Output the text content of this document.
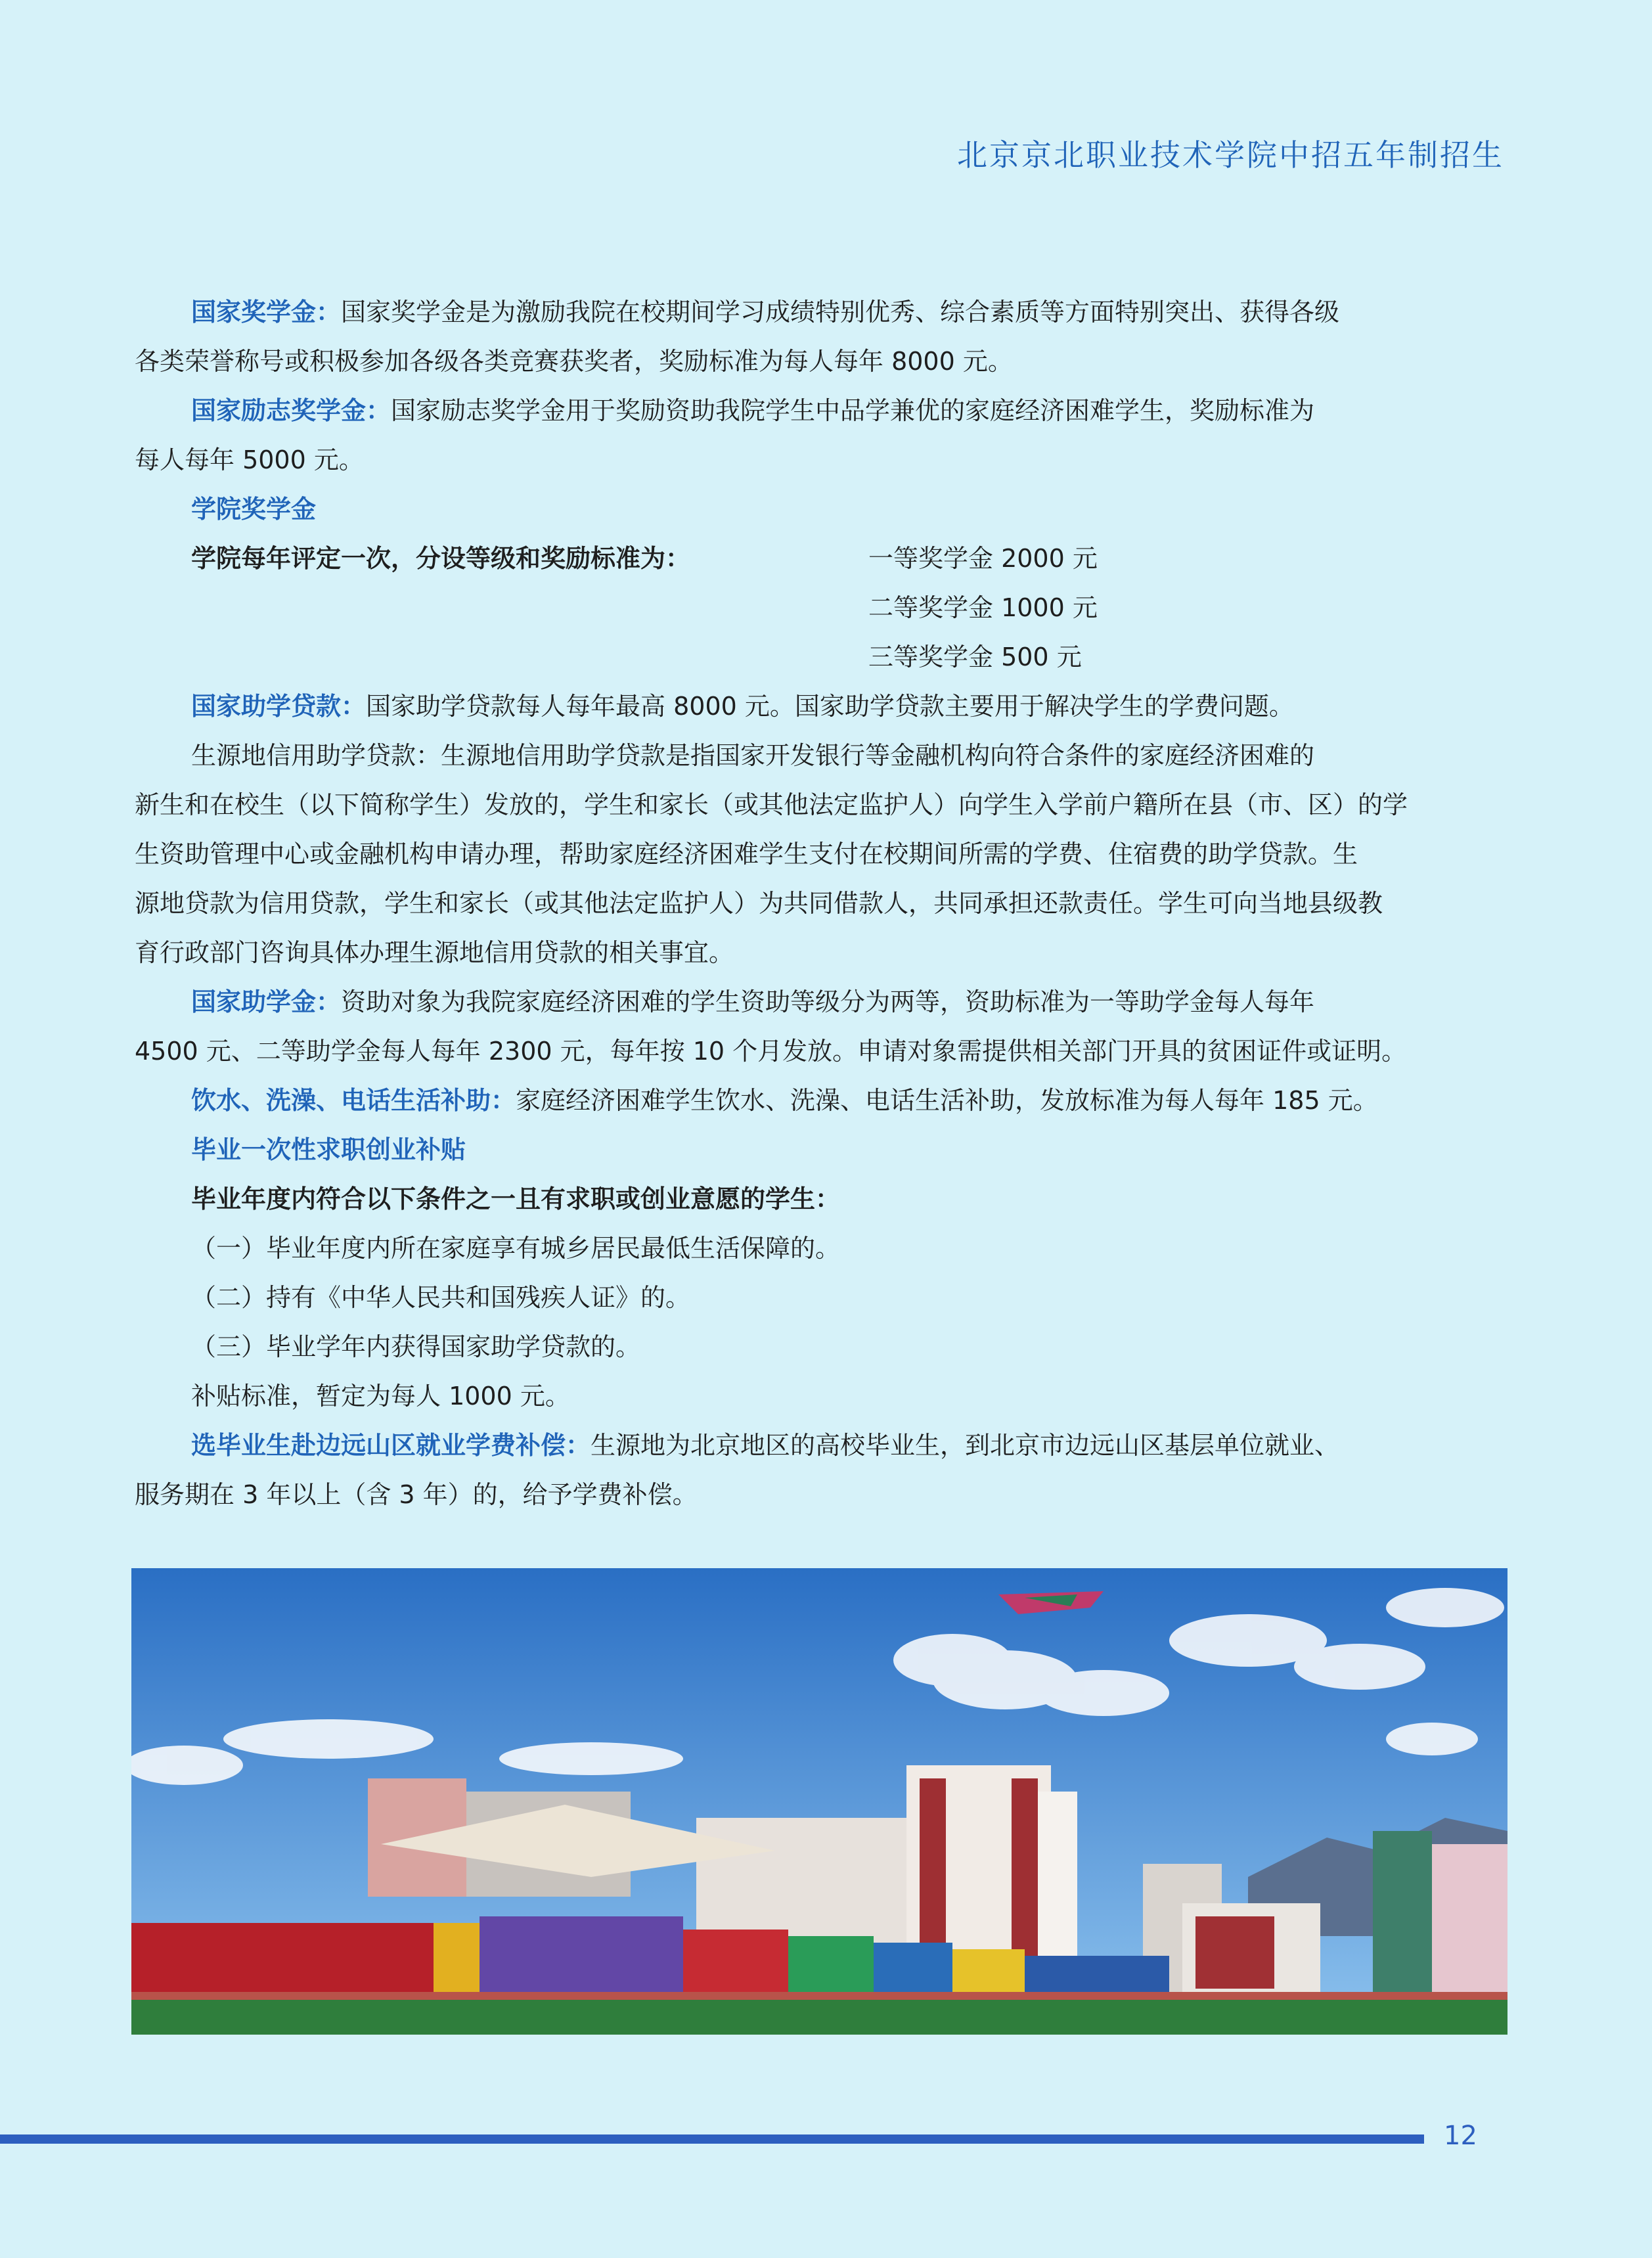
北京京北职业技术学院中招五年制招生

国家奖学金：国家奖学金是为激励我院在校期间学习成绩特别优秀、综合素质等方面特别突出、获得各级

各类荣誉称号或积极参加各级各类竞赛获奖者，奖励标准为每人每年 8000 元。

国家励志奖学金：国家励志奖学金用于奖励资助我院学生中品学兼优的家庭经济困难学生，奖励标准为

每人每年 5000 元。

学院奖学金

学院每年评定一次，分设等级和奖励标准为：	一等奖学金 2000 元
二等奖学金 1000 元
三等奖学金 500 元

国家助学贷款：国家助学贷款每人每年最高 8000 元。国家助学贷款主要用于解决学生的学费问题。

生源地信用助学贷款：生源地信用助学贷款是指国家开发银行等金融机构向符合条件的家庭经济困难的

新生和在校生（以下简称学生）发放的，学生和家长（或其他法定监护人）向学生入学前户籍所在县（市、区）的学

生资助管理中心或金融机构申请办理，帮助家庭经济困难学生支付在校期间所需的学费、住宿费的助学贷款。生

源地贷款为信用贷款，学生和家长（或其他法定监护人）为共同借款人，共同承担还款责任。学生可向当地县级教

育行政部门咨询具体办理生源地信用贷款的相关事宜。

国家助学金：资助对象为我院家庭经济困难的学生资助等级分为两等，资助标准为一等助学金每人每年

4500 元、二等助学金每人每年 2300 元，每年按 10 个月发放。申请对象需提供相关部门开具的贫困证件或证明。

饮水、洗澡、电话生活补助：家庭经济困难学生饮水、洗澡、电话生活补助，发放标准为每人每年 185 元。

毕业一次性求职创业补贴

毕业年度内符合以下条件之一且有求职或创业意愿的学生：

（一）毕业年度内所在家庭享有城乡居民最低生活保障的。

（二）持有《中华人民共和国残疾人证》的。

（三）毕业学年内获得国家助学贷款的。

补贴标准，暂定为每人 1000 元。

选毕业生赴边远山区就业学费补偿：生源地为北京地区的高校毕业生，到北京市边远山区基层单位就业、

服务期在 3 年以上（含 3 年）的，给予学费补偿。

12
